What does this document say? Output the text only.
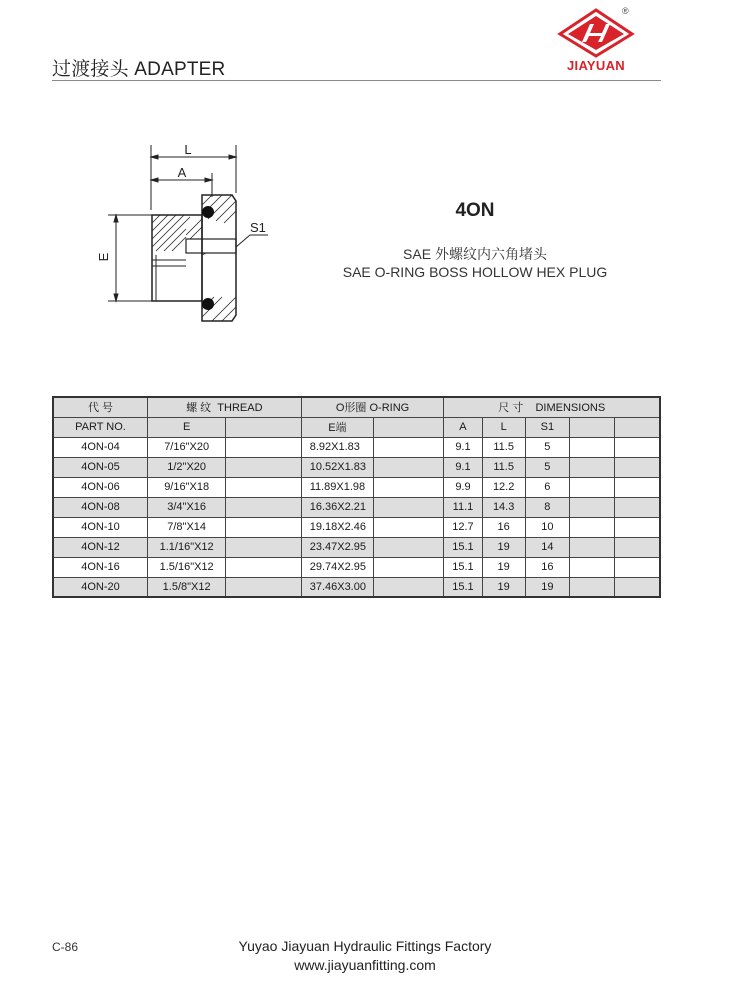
过渡接头 ADAPTER
®
JIAYUAN
L
A
E
S1
4ON
SAE 外螺纹内六角堵头
SAE O-RING BOSS HOLLOW HEX PLUG
代 号	螺 纹 THREAD		O形圈 O-RING		尺 寸 DIMENSIONS				
PART NO.	E		E端		A	L	S1		
4ON-04	7/16"X20		8.92X1.83		9.1	11.5	5		
4ON-05	1/2"X20		10.52X1.83		9.1	11.5	5		
4ON-06	9/16"X18		11.89X1.98		9.9	12.2	6		
4ON-08	3/4"X16		16.36X2.21		11.1	14.3	8		
4ON-10	7/8"X14		19.18X2.46		12.7	16	10		
4ON-12	1.1/16"X12		23.47X2.95		15.1	19	14		
4ON-16	1.5/16"X12		29.74X2.95		15.1	19	16		
4ON-20	1.5/8"X12		37.46X3.00		15.1	19	19		
C-86	Yuyao Jiayuan Hydraulic Fittings Factory
www.jiayuanfitting.com
